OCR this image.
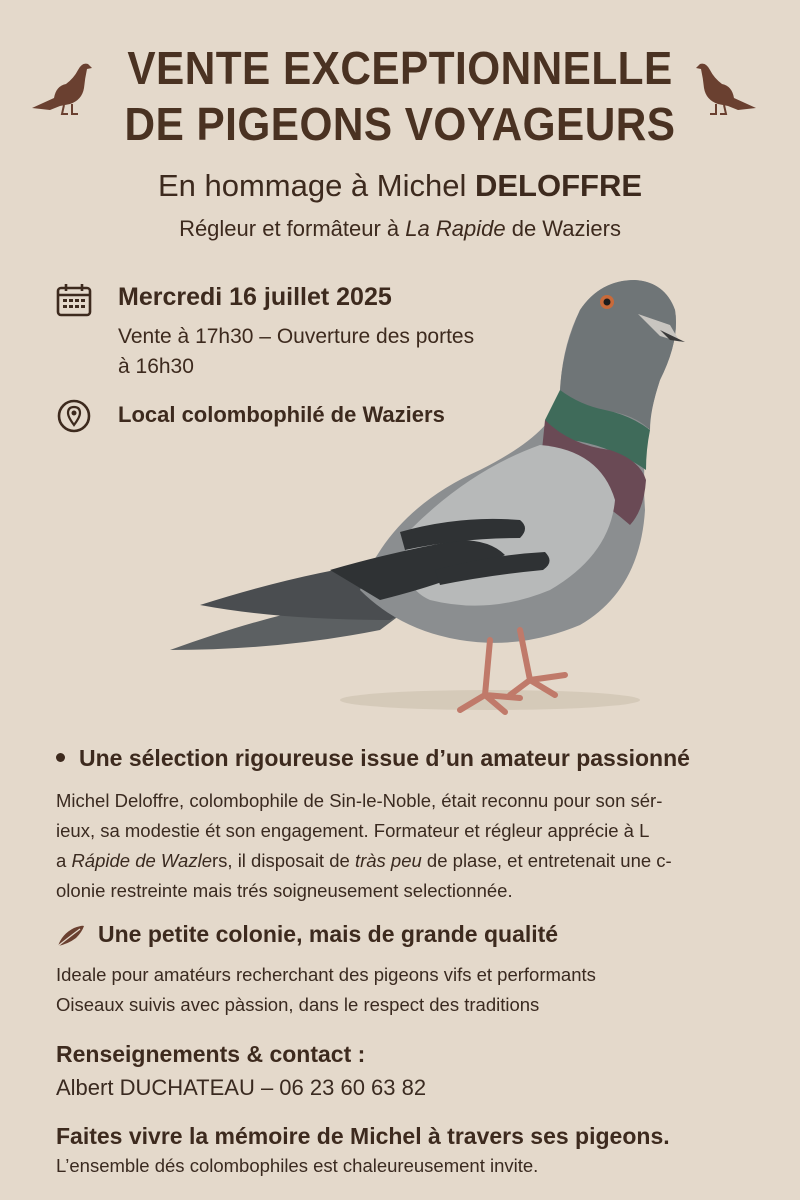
VENTE EXCEPTIONNELLE
DE PIGEONS VOYAGEURS
En hommage à Michel DELOFFRE
Régleur et formâteur à La Rapide de Waziers
Mercredi 16 juillet 2025
Vente à 17h30 – Ouverture des portes à 16h30
Local colombophilé de Waziers
Une sélection rigoureuse issue d’un amateur passionné
Michel Deloffre, colombophile de Sin-le-Noble, était reconnu pour son sér-
ieux, sa modestie ét son engagement. Formateur et régleur apprécie à L
a Rápide de Wazlers, il disposait de tràs peu de plase, et entretenait une c-
olonie restreinte mais trés soigneusement selectionnée.
Une petite colonie, mais de grande qualité
Ideale pour amatéurs recherchant des pigeons vifs et performants
Oiseaux suivis avec pàssion, dans le respect des traditions
Renseignements & contact :
Albert DUCHATEAU – 06 23 60 63 82
Faites vivre la mémoire de Michel à travers ses pigeons.
L’ensemble dés colombophiles est chaleureusement invite.
